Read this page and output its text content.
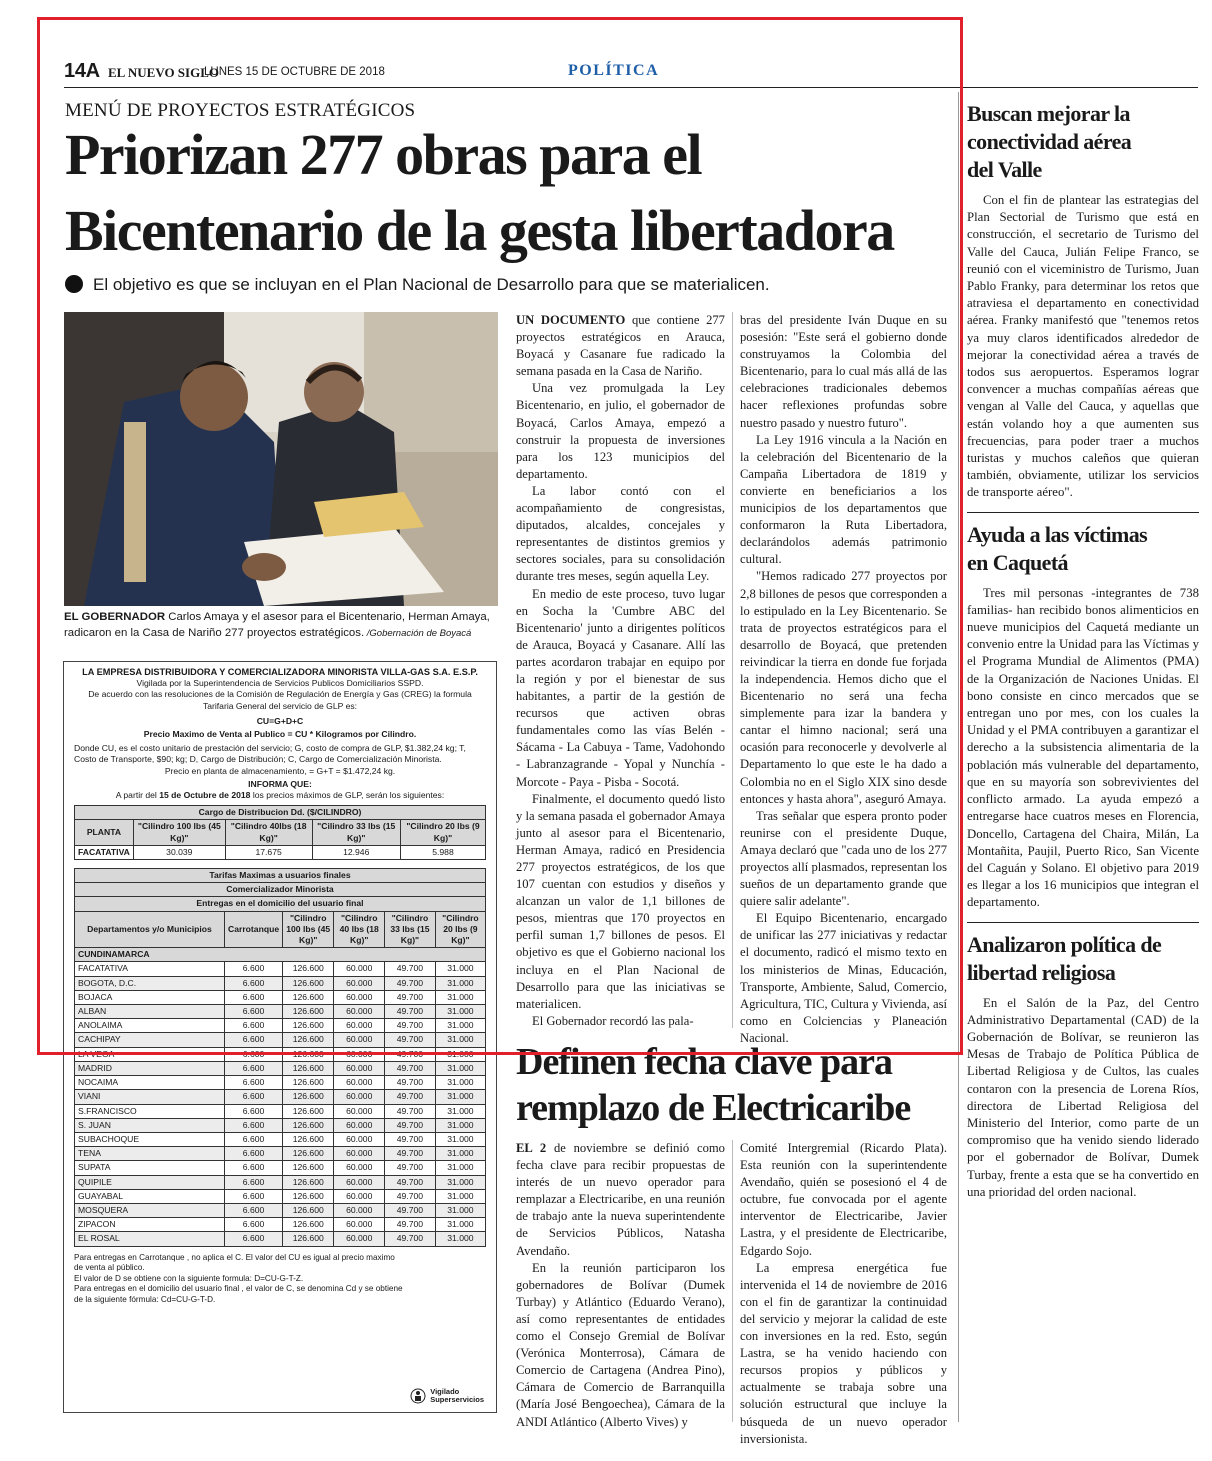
14A EL NUEVO SIGLO
LUNES 15 DE OCTUBRE DE 2018	POLÍTICA
MENÚ DE PROYECTOS ESTRATÉGICOS
Priorizan 277 obras para el
Bicentenario de la gesta libertadora
El objetivo es que se incluyan en el Plan Nacional de Desarrollo para que se materialicen.
EL GOBERNADOR Carlos Amaya y el asesor para el Bicentenario, Herman Amaya, radicaron en la Casa de Nariño 277 proyectos estratégicos. /Gobernación de Boyacá
LA EMPRESA DISTRIBUIDORA Y COMERCIALIZADORA MINORISTA VILLA-GAS S.A. E.S.P.
Vigilada por la Superintendencia de Servicios Publicos Domiciliarios SSPD.
De acuerdo con las resoluciones de la Comisión de Regulación de Energía y Gas (CREG) la formula Tarifaria General del servicio de GLP es:
CU=G+D+C
Precio Maximo de Venta al Publico = CU * Kilogramos por Cilindro.
Donde CU, es el costo unitario de prestación del servicio; G, costo de compra de GLP, $1.382,24 kg; T, Costo de Transporte, $90; kg; D, Cargo de Distribución; C, Cargo de Comercialización Minorista.
Precio en planta de almacenamiento, = G+T = $1.472,24 kg.
INFORMA QUE:
A partir del 15 de Octubre de 2018 los precios máximos de GLP, serán los siguientes:
Cargo de Distribucion Dd. ($/CILINDRO)				
PLANTA	"Cilindro 100 lbs (45 Kg)"	"Cilindro 40lbs (18 Kg)"	"Cilindro 33 lbs (15 Kg)"	"Cilindro 20 lbs (9 Kg)"
FACATATIVA	30.039	17.675	12.946	5.988
Tarifas Maximas a usuarios finales					
Comercializador Minorista					
Entregas en el domicilio del usuario final					
Departamentos y/o Municipios	Carrotanque	"Cilindro 100 lbs (45 Kg)"	"Cilindro 40 lbs (18 Kg)"	"Cilindro 33 lbs (15 Kg)"	"Cilindro 20 lbs (9 Kg)"
CUNDINAMARCA					
FACATATIVA	6.600	126.600	60.000	49.700	31.000
BOGOTA, D.C.	6.600	126.600	60.000	49.700	31.000
BOJACA	6.600	126.600	60.000	49.700	31.000
ALBAN	6.600	126.600	60.000	49.700	31.000
ANOLAIMA	6.600	126.600	60.000	49.700	31.000
CACHIPAY	6.600	126.600	60.000	49.700	31.000
LA VEGA	6.600	126.600	60.000	49.700	31.000
MADRID	6.600	126.600	60.000	49.700	31.000
NOCAIMA	6.600	126.600	60.000	49.700	31.000
VIANI	6.600	126.600	60.000	49.700	31.000
S.FRANCISCO	6.600	126.600	60.000	49.700	31.000
S. JUAN	6.600	126.600	60.000	49.700	31.000
SUBACHOQUE	6.600	126.600	60.000	49.700	31.000
TENA	6.600	126.600	60.000	49.700	31.000
SUPATA	6.600	126.600	60.000	49.700	31.000
QUIPILE	6.600	126.600	60.000	49.700	31.000
GUAYABAL	6.600	126.600	60.000	49.700	31.000
MOSQUERA	6.600	126.600	60.000	49.700	31.000
ZIPACON	6.600	126.600	60.000	49.700	31.000
EL ROSAL	6.600	126.600	60.000	49.700	31.000
Para entregas en Carrotanque , no aplica el C. El valor del CU es igual al precio maximo de venta al público.
El valor de D se obtiene con la siguiente formula: D=CU-G-T-Z.
Para entregas en el domicilio del usuario final , el valor de C, se denomina Cd y se obtiene de la siguiente fórmula: Cd=CU-G-T-D.
Vigilado
Superservicios

UN DOCUMENTO que contiene 277 proyectos estratégicos en Arauca, Boyacá y Casanare fue radicado la semana pasada en la Casa de Nariño.

Una vez promulgada la Ley Bicentenario, en julio, el gobernador de Boyacá, Carlos Amaya, empezó a construir la propuesta de inversiones para los 123 municipios del departamento.

La labor contó con el acompañamiento de congresistas, diputados, alcaldes, concejales y representantes de distintos gremios y sectores sociales, para su consolidación durante tres meses, según aquella Ley.

En medio de este proceso, tuvo lugar en Socha la 'Cumbre ABC del Bicentenario' junto a dirigentes políticos de Arauca, Boyacá y Casanare. Allí las partes acordaron trabajar en equipo por la región y por el bienestar de sus habitantes, a partir de la gestión de recursos que activen obras fundamentales como las vías Belén - Sácama - La Cabuya - Tame, Vadohondo - Labranzagrande - Yopal y Nunchía - Morcote - Paya - Pisba - Socotá.

Finalmente, el documento quedó listo y la semana pasada el gobernador Amaya junto al asesor para el Bicentenario, Herman Amaya, radicó en Presidencia 277 proyectos estratégicos, de los que 107 cuentan con estudios y diseños y alcanzan un valor de 1,1 billones de pesos, mientras que 170 proyectos en perfil suman 1,7 billones de pesos. El objetivo es que el Gobierno nacional los incluya en el Plan Nacional de Desarrollo para que las iniciativas se materialicen.

El Gobernador recordó las pala-

bras del presidente Iván Duque en su posesión: "Este será el gobierno donde construyamos la Colombia del Bicentenario, para lo cual más allá de las celebraciones tradicionales debemos hacer reflexiones profundas sobre nuestro pasado y nuestro futuro".

La Ley 1916 vincula a la Nación en la celebración del Bicentenario de la Campaña Libertadora de 1819 y convierte en beneficiarios a los municipios de los departamentos que conformaron la Ruta Libertadora, declarándolos además patrimonio cultural.

"Hemos radicado 277 proyectos por 2,8 billones de pesos que corresponden a lo estipulado en la Ley Bicentenario. Se trata de proyectos estratégicos para el desarrollo de Boyacá, que pretenden reivindicar la tierra en donde fue forjada la independencia. Hemos dicho que el Bicentenario no será una fecha simplemente para izar la bandera y cantar el himno nacional; será una ocasión para reconocerle y devolverle al Departamento lo que este le ha dado a Colombia no en el Siglo XIX sino desde entonces y hasta ahora", aseguró Amaya.

Tras señalar que espera pronto poder reunirse con el presidente Duque, Amaya declaró que "cada uno de los 277 proyectos allí plasmados, representan los sueños de un departamento grande que quiere salir adelante".

El Equipo Bicentenario, encargado de unificar las 277 iniciativas y redactar el documento, radicó el mismo texto en los ministerios de Minas, Educación, Transporte, Ambiente, Salud, Comercio, Agricultura, TIC, Cultura y Vivienda, así como en Colciencias y Planeación Nacional.

Definen fecha clave para
remplazo de Electricaribe

EL 2 de noviembre se definió como fecha clave para recibir propuestas de interés de un nuevo operador para remplazar a Electricaribe, en una reunión de trabajo ante la nueva superintendente de Servicios Públicos, Natasha Avendaño.

En la reunión participaron los gobernadores de Bolívar (Dumek Turbay) y Atlántico (Eduardo Verano), así como representantes de entidades como el Consejo Gremial de Bolívar (Verónica Monterrosa), Cámara de Comercio de Cartagena (Andrea Pino), Cámara de Comercio de Barranquilla (María José Bengoechea), Cámara de la ANDI Atlántico (Alberto Vives) y

Comité Intergremial (Ricardo Plata). Esta reunión con la superintendente Avendaño, quién se posesionó el 4 de octubre, fue convocada por el agente interventor de Electricaribe, Javier Lastra, y el presidente de Electricaribe, Edgardo Sojo.

La empresa energética fue intervenida el 14 de noviembre de 2016 con el fin de garantizar la continuidad del servicio y mejorar la calidad de este con inversiones en la red. Esto, según Lastra, se ha venido haciendo con recursos propios y públicos y actualmente se trabaja sobre una solución estructural que incluye la búsqueda de un nuevo operador inversionista.

Buscan mejorar la conectividad aérea del Valle

Con el fin de plantear las estrategias del Plan Sectorial de Turismo que está en construcción, el secretario de Turismo del Valle del Cauca, Julián Felipe Franco, se reunió con el viceministro de Turismo, Juan Pablo Franky, para determinar los retos que atraviesa el departamento en conectividad aérea. Franky manifestó que "tenemos retos ya muy claros identificados alrededor de mejorar la conectividad aérea a través de todos sus aeropuertos. Esperamos lograr convencer a muchas compañías aéreas que vengan al Valle del Cauca, y aquellas que están volando hoy a que aumenten sus frecuencias, para poder traer a muchos turistas y muchos caleños que quieran también, obviamente, utilizar los servicios de transporte aéreo".

Ayuda a las víctimas en Caquetá

Tres mil personas -integrantes de 738 familias- han recibido bonos alimenticios en nueve municipios del Caquetá mediante un convenio entre la Unidad para las Víctimas y el Programa Mundial de Alimentos (PMA) de la Organización de Naciones Unidas. El bono consiste en cinco mercados que se entregan uno por mes, con los cuales la Unidad y el PMA contribuyen a garantizar el derecho a la subsistencia alimentaria de la población más vulnerable del departamento, que en su mayoría son sobrevivientes del conflicto armado. La ayuda empezó a entregarse hace cuatros meses en Florencia, Doncello, Cartagena del Chaira, Milán, La Montañita, Paujil, Puerto Rico, San Vicente del Caguán y Solano. El objetivo para 2019 es llegar a los 16 municipios que integran el departamento.

Analizaron política de libertad religiosa

En el Salón de la Paz, del Centro Administrativo Departamental (CAD) de la Gobernación de Bolívar, se reunieron las Mesas de Trabajo de Política Pública de Libertad Religiosa y de Cultos, las cuales contaron con la presencia de Lorena Ríos, directora de Libertad Religiosa del Ministerio del Interior, como parte de un compromiso que ha venido siendo liderado por el gobernador de Bolívar, Dumek Turbay, frente a esta que se ha convertido en una prioridad del orden nacional.
